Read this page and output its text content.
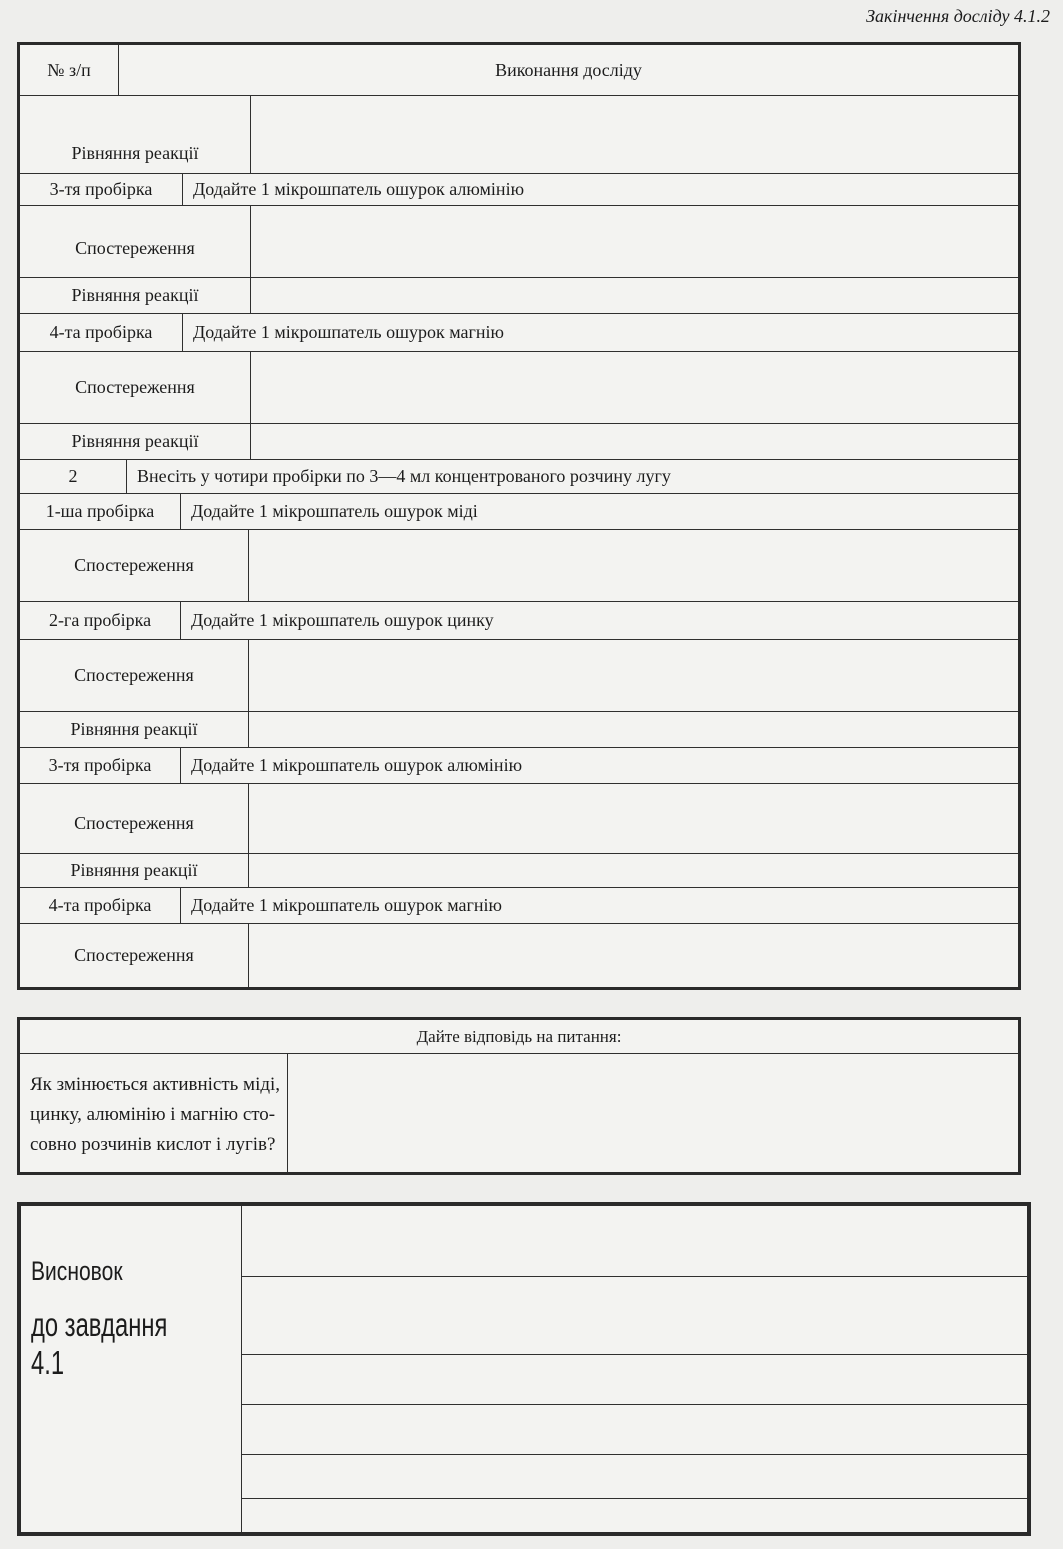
Закінчення досліду 4.1.2
№ з/п	Виконання досліду
Рівняння реакції
3-тя пробірка	Додайте 1 мікрошпатель ошурок алюмінію
Спостереження
Рівняння реакції
4-та пробірка	Додайте 1 мікрошпатель ошурок магнію
Спостереження
Рівняння реакції
2	Внесіть у чотири пробірки по 3—4 мл концентрованого розчину лугу
1-ша пробірка	Додайте 1 мікрошпатель ошурок міді
Спостереження
2-га пробірка	Додайте 1 мікрошпатель ошурок цинку
Спостереження
Рівняння реакції
3-тя пробірка	Додайте 1 мікрошпатель ошурок алюмінію
Спостереження
Рівняння реакції
4-та пробірка	Додайте 1 мікрошпатель ошурок магнію
Спостереження
Дайте відповідь на питання:
Як змінюється активність міді,
цинку, алюмінію і магнію сто-
совно розчинів кислот і лугів?
Висновок
до завдання 4.1
